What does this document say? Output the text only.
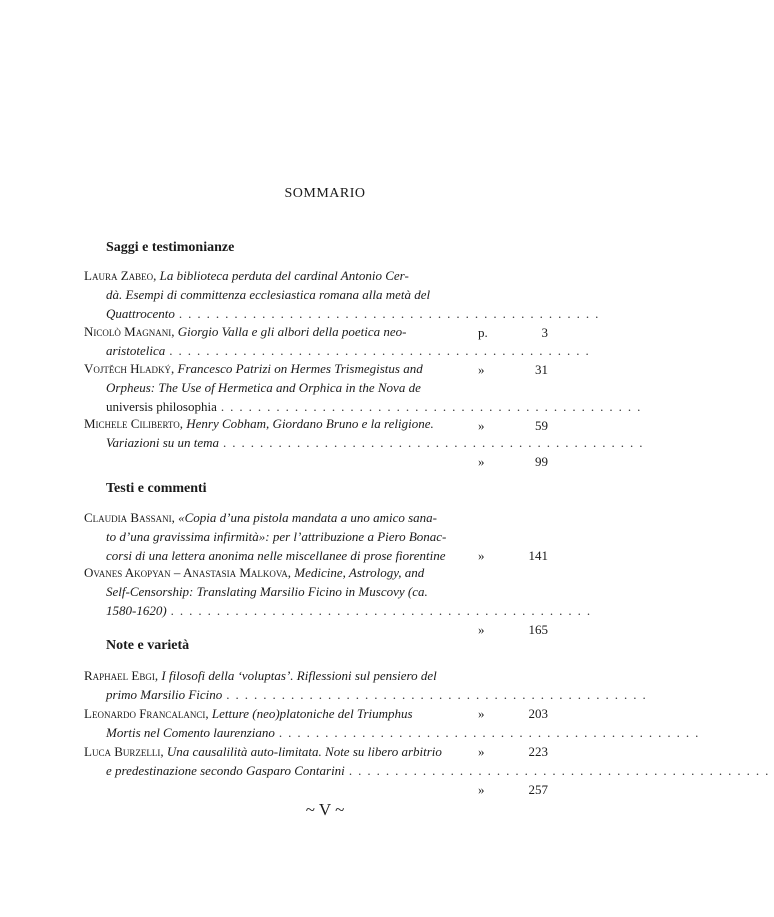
SOMMARIO
Saggi e testimonianze
Laura Zabeo, La biblioteca perduta del cardinal Antonio Cer-
dà. Esempi di committenza ecclesiastica romana alla metà del
Quattrocento ..............................................
p.	3
Nicolò Magnani, Giorgio Valla e gli albori della poetica neo-
aristotelica ..............................................
»	31
Vojtěch Hladký, Francesco Patrizi on Hermes Trismegistus and
Orpheus: The Use of Hermetica and Orphica in the Nova de
universis philosophia ..............................................
»	59
Michele Ciliberto, Henry Cobham, Giordano Bruno e la religione.
Variazioni su un tema ..............................................
»	99
Testi e commenti
Claudia Bassani, «Copia d’una pistola mandata a uno amico sana-
to d’una gravissima infirmità»: per l’attribuzione a Piero Bonac-
corsi di una lettera anonima nelle miscellanee di prose fiorentine »	141
Ovanes Akopyan – Anastasia Malkova, Medicine, Astrology, and
Self-Censorship: Translating Marsilio Ficino in Muscovy (ca.
1580-1620) ..............................................
»	165
Note e varietà
Raphael Ebgi, I filosofi della ‘voluptas’. Riflessioni sul pensiero del
primo Marsilio Ficino ..............................................
»	203
Leonardo Francalanci, Letture (neo)platoniche del Triumphus
Mortis nel Comento laurenziano ..............................................
»	223
Luca Burzelli, Una causalilità auto-limitata. Note su libero arbitrio
e predestinazione secondo Gasparo Contarini ..............................................
»	257
~ V ~
